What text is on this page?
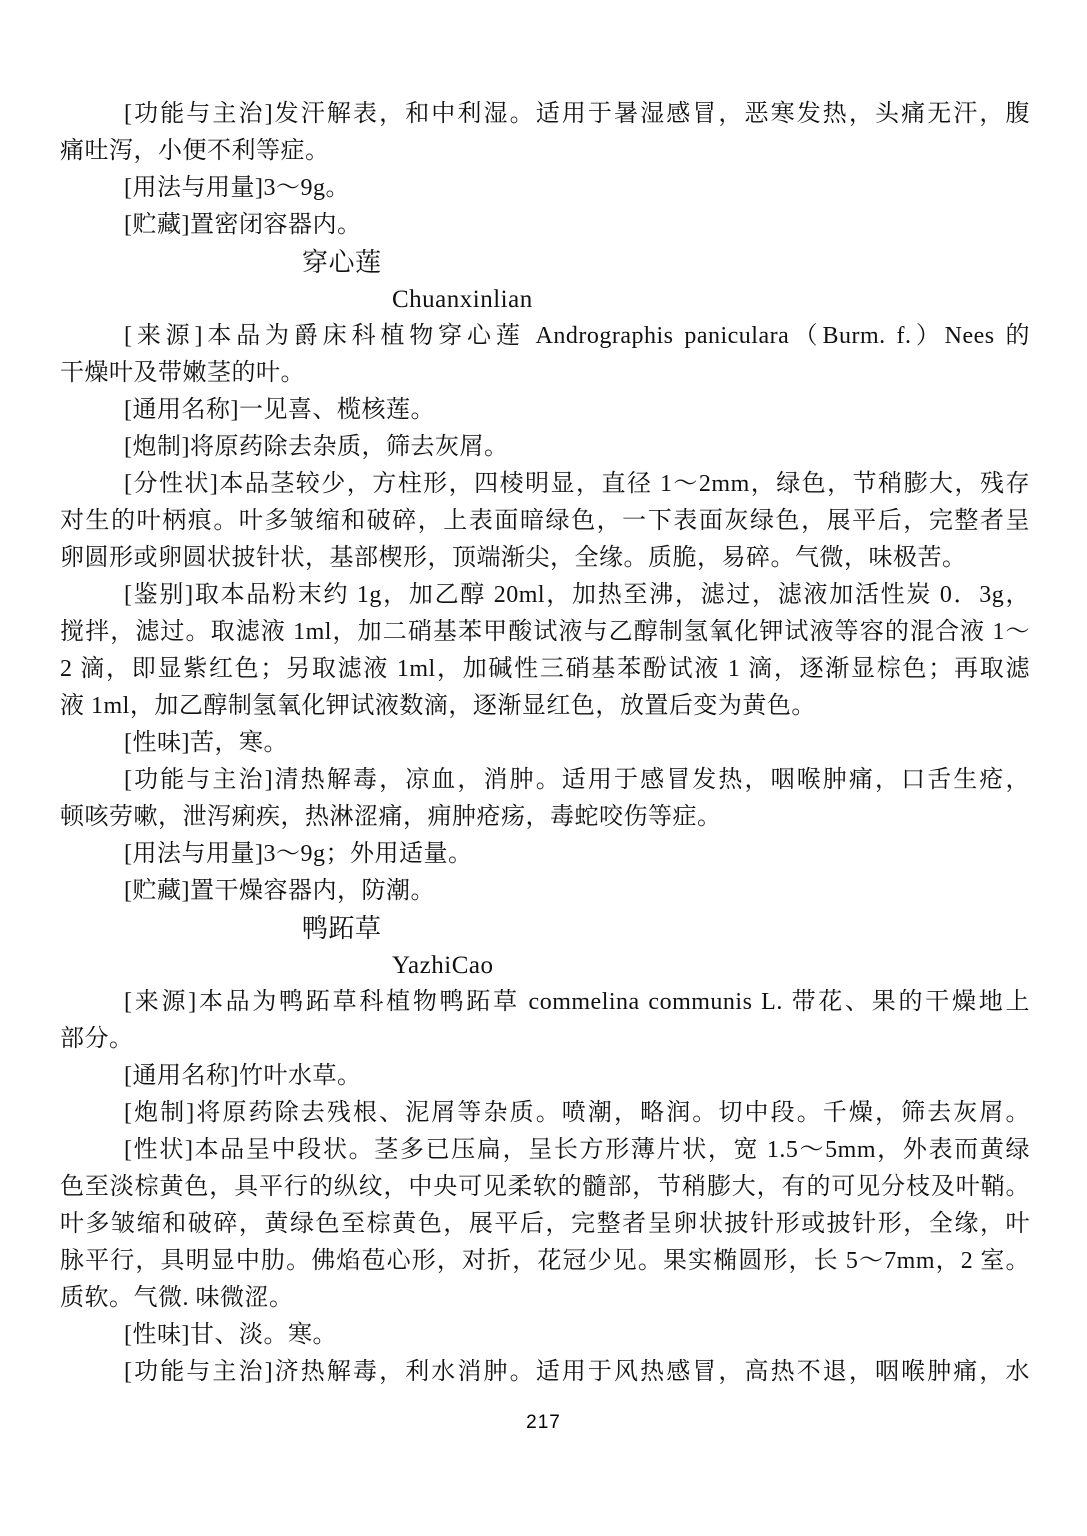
[功能与主治]发汗解表，和中利湿。适用于暑湿感冒，恶寒发热，头痛无汗，腹
痛吐泻，小便不利等症。
[用法与用量]3～9g。
[贮藏]置密闭容器内。
穿心莲
Chuanxinlian
[来源]本品为爵床科植物穿心莲 Andrographis paniculara（Burm. f.）Nees 的
干燥叶及带嫩茎的叶。
[通用名称]一见喜、榄核莲。
[炮制]将原药除去杂质，筛去灰屑。
[分性状]本品茎较少，方柱形，四棱明显，直径 1～2mm，绿色，节稍膨大，残存
对生的叶柄痕。叶多皱缩和破碎，上表面暗绿色，一下表面灰绿色，展平后，完整者呈
卵圆形或卵圆状披针状，基部楔形，顶端渐尖，全缘。质脆，易碎。气微，味极苦。
[鉴别]取本品粉末约 1g，加乙醇 20ml，加热至沸，滤过，滤液加活性炭 0．3g，
搅拌，滤过。取滤液 1ml，加二硝基苯甲酸试液与乙醇制氢氧化钾试液等容的混合液 1～
2 滴，即显紫红色；另取滤液 1ml，加碱性三硝基苯酚试液 1 滴，逐渐显棕色；再取滤
液 1ml，加乙醇制氢氧化钾试液数滴，逐渐显红色，放置后变为黄色。
[性味]苦，寒。
[功能与主治]清热解毒，凉血，消肿。适用于感冒发热，咽喉肿痛，口舌生疮，
顿咳劳嗽，泄泻痢疾，热淋涩痛，痈肿疮疡，毒蛇咬伤等症。
[用法与用量]3～9g；外用适量。
[贮藏]置干燥容器内，防潮。
鸭跖草
YazhiCao
[来源]本品为鸭跖草科植物鸭跖草 commelina communis L. 带花、果的干燥地上
部分。
[通用名称]竹叶水草。
[炮制]将原药除去残根、泥屑等杂质。喷潮，略润。切中段。千燥，筛去灰屑。
[性状]本品呈中段状。茎多已压扁，呈长方形薄片状，宽 1.5～5mm，外表而黄绿
色至淡棕黄色，具平行的纵纹，中央可见柔软的髓部，节稍膨大，有的可见分枝及叶鞘。
叶多皱缩和破碎，黄绿色至棕黄色，展平后，完整者呈卵状披针形或披针形，全缘，叶
脉平行，具明显中肋。佛焰苞心形，对折，花冠少见。果实椭圆形，长 5～7mm，2 室。
质软。气微. 味微涩。
[性味]甘、淡。寒。
[功能与主治]济热解毒，利水消肿。适用于风热感冒，高热不退，咽喉肿痛，水
217
